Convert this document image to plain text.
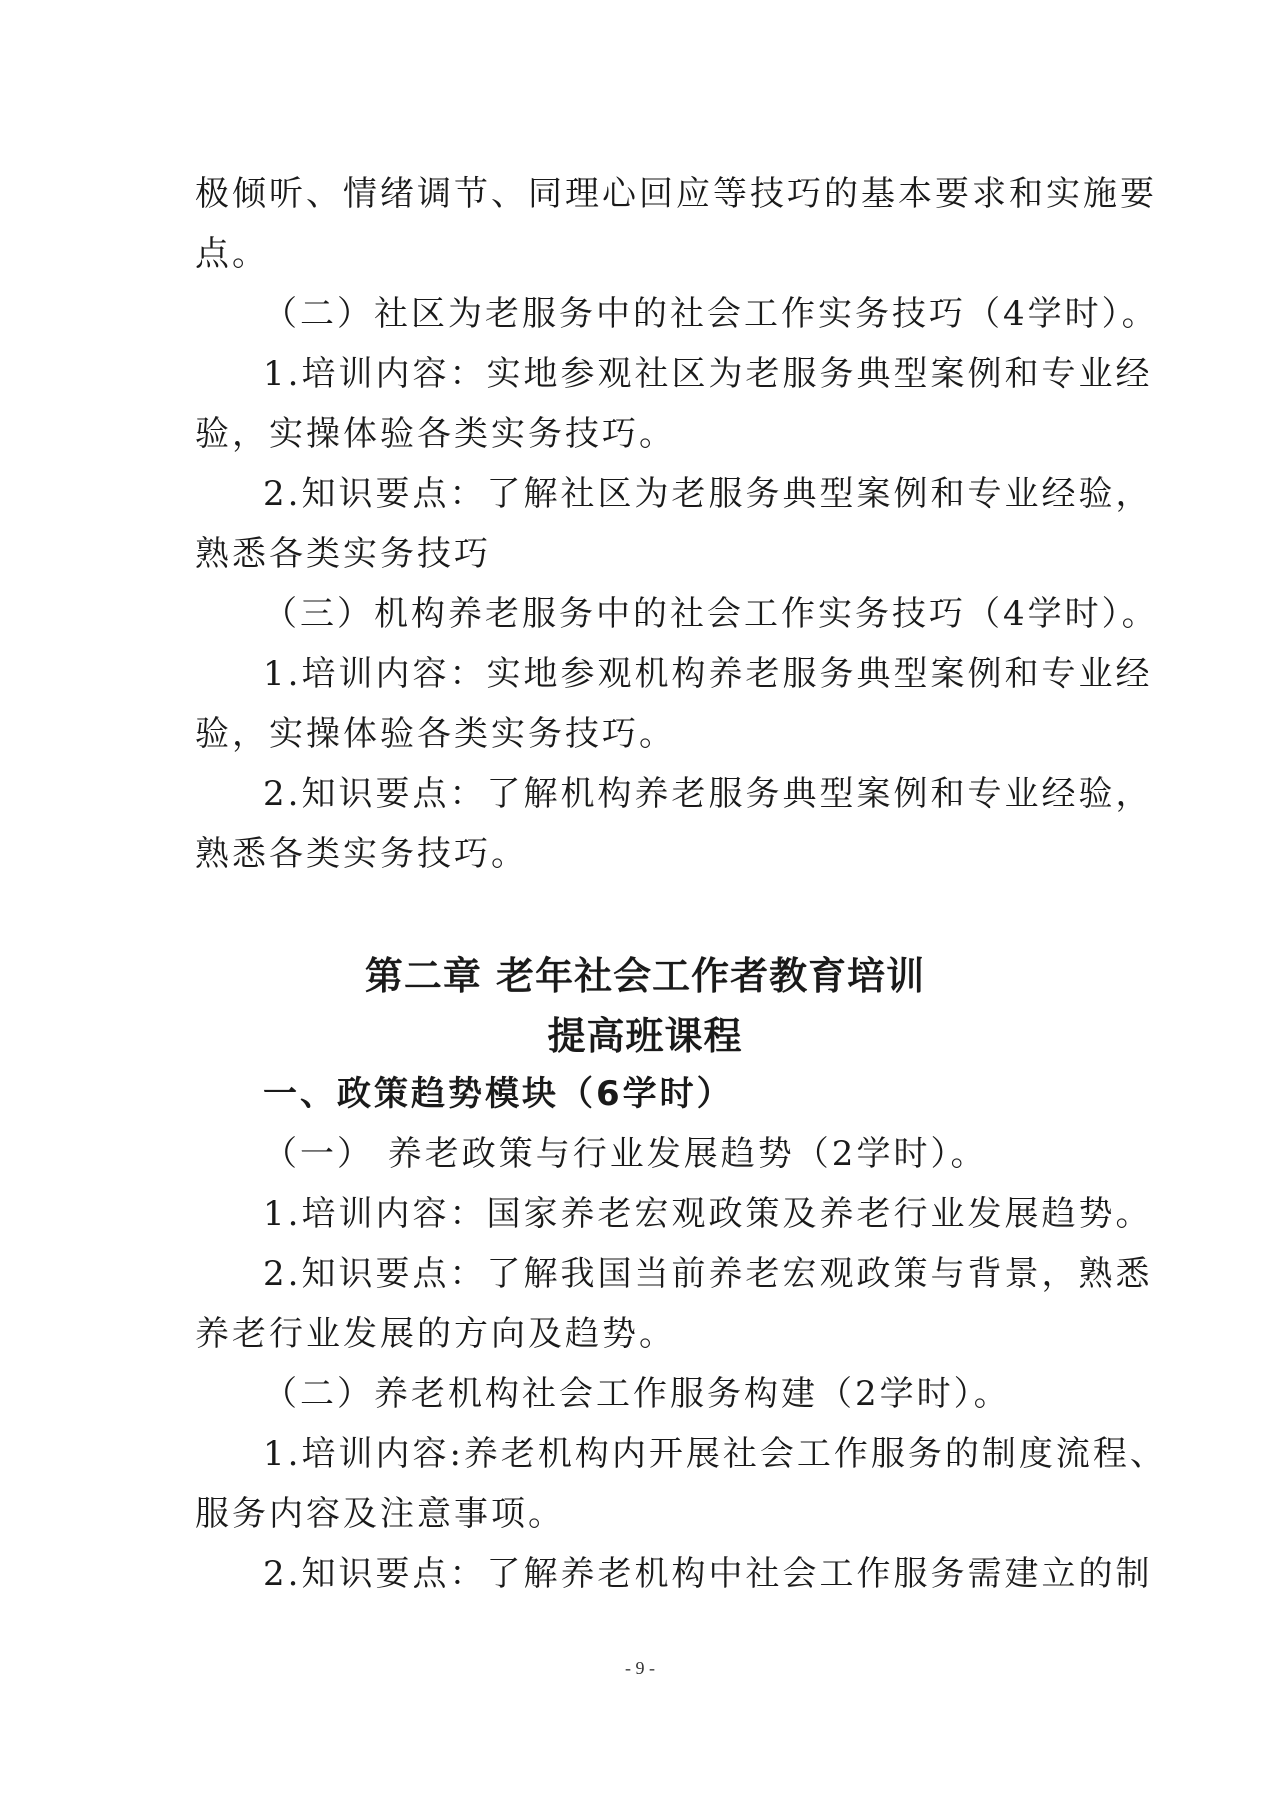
极倾听、情绪调节、同理心回应等技巧的基本要求和实施要
点。
（二）社区为老服务中的社会工作实务技巧（4学时）。
1.培训内容：实地参观社区为老服务典型案例和专业经
验，实操体验各类实务技巧。
2.知识要点：了解社区为老服务典型案例和专业经验，
熟悉各类实务技巧
（三）机构养老服务中的社会工作实务技巧（4学时）。
1.培训内容：实地参观机构养老服务典型案例和专业经
验，实操体验各类实务技巧。
2.知识要点：了解机构养老服务典型案例和专业经验，
熟悉各类实务技巧。
第二章 老年社会工作者教育培训
提高班课程
一、政策趋势模块（6学时）
（一） 养老政策与行业发展趋势（2学时）。
1.培训内容：国家养老宏观政策及养老行业发展趋势。
2.知识要点：了解我国当前养老宏观政策与背景，熟悉
养老行业发展的方向及趋势。
（二）养老机构社会工作服务构建（2学时）。
1.培训内容:养老机构内开展社会工作服务的制度流程、
服务内容及注意事项。
2.知识要点：了解养老机构中社会工作服务需建立的制
- 9 -
